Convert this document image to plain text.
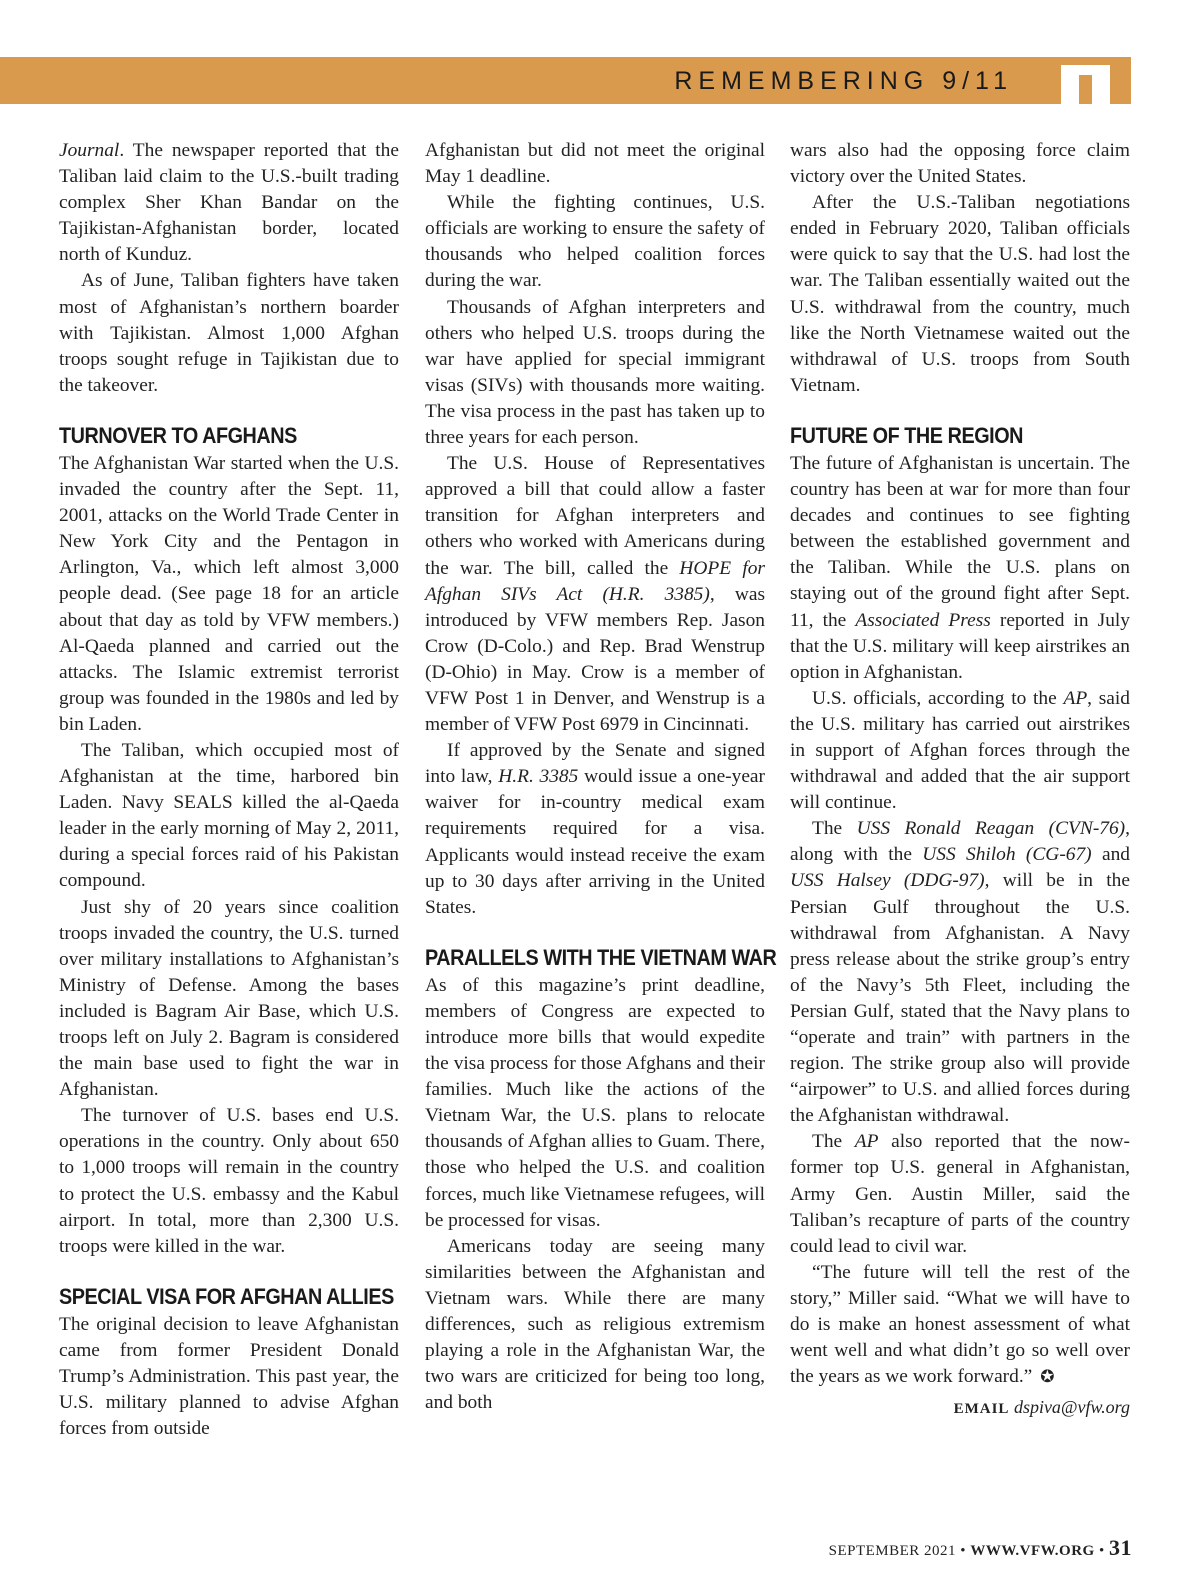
REMEMBERING 9/11

Journal. The newspaper reported that the Taliban laid claim to the U.S.-built trading complex Sher Khan Bandar on the Tajikistan-Afghanistan border, located north of Kunduz.

As of June, Taliban fighters have taken most of Afghanistan’s northern boarder with Tajikistan. Almost 1,000 Afghan troops sought refuge in Tajikistan due to the takeover.

TURNOVER TO AFGHANS

The Afghanistan War started when the U.S. invaded the country after the Sept. 11, 2001, attacks on the World Trade Center in New York City and the Pentagon in Arlington, Va., which left almost 3,000 people dead. (See page 18 for an article about that day as told by VFW members.) Al-Qaeda planned and carried out the attacks. The Islamic extremist terrorist group was founded in the 1980s and led by bin Laden.

The Taliban, which occupied most of Afghanistan at the time, harbored bin Laden. Navy SEALS killed the al-Qaeda leader in the early morning of May 2, 2011, during a special forces raid of his Pakistan compound.

Just shy of 20 years since coalition troops invaded the country, the U.S. turned over military installations to Afghanistan’s Ministry of Defense. Among the bases included is Bagram Air Base, which U.S. troops left on July 2. Bagram is considered the main base used to fight the war in Afghanistan.

The turnover of U.S. bases end U.S. operations in the country. Only about 650 to 1,000 troops will remain in the country to protect the U.S. embassy and the Kabul airport. In total, more than 2,300 U.S. troops were killed in the war.

SPECIAL VISA FOR AFGHAN ALLIES

The original decision to leave Afghanistan came from former President Donald Trump’s Administration. This past year, the U.S. military planned to advise Afghan forces from outside

Afghanistan but did not meet the original May 1 deadline.

While the fighting continues, U.S. officials are working to ensure the safety of thousands who helped coalition forces during the war.

Thousands of Afghan interpreters and others who helped U.S. troops during the war have applied for special immigrant visas (SIVs) with thousands more waiting. The visa process in the past has taken up to three years for each person.

The U.S. House of Representatives approved a bill that could allow a faster transition for Afghan interpreters and others who worked with Americans during the war. The bill, called the HOPE for Afghan SIVs Act (H.R. 3385), was introduced by VFW members Rep. Jason Crow (D-Colo.) and Rep. Brad Wenstrup (D-Ohio) in May. Crow is a member of VFW Post 1 in Denver, and Wenstrup is a member of VFW Post 6979 in Cincinnati.

If approved by the Senate and signed into law, H.R. 3385 would issue a one-year waiver for in-country medical exam requirements required for a visa. Applicants would instead receive the exam up to 30 days after arriving in the United States.

PARALLELS WITH THE VIETNAM WAR

As of this magazine’s print deadline, members of Congress are expected to introduce more bills that would expedite the visa process for those Afghans and their families. Much like the actions of the Vietnam War, the U.S. plans to relocate thousands of Afghan allies to Guam. There, those who helped the U.S. and coalition forces, much like Vietnamese refugees, will be processed for visas.

Americans today are seeing many similarities between the Afghanistan and Vietnam wars. While there are many differences, such as religious extremism playing a role in the Afghanistan War, the two wars are criticized for being too long, and both

wars also had the opposing force claim victory over the United States.

After the U.S.-Taliban negotiations ended in February 2020, Taliban officials were quick to say that the U.S. had lost the war. The Taliban essentially waited out the U.S. withdrawal from the country, much like the North Vietnamese waited out the withdrawal of U.S. troops from South Vietnam.

FUTURE OF THE REGION

The future of Afghanistan is uncertain. The country has been at war for more than four decades and continues to see fighting between the established government and the Taliban. While the U.S. plans on staying out of the ground fight after Sept. 11, the Associated Press reported in July that the U.S. military will keep airstrikes an option in Afghanistan.

U.S. officials, according to the AP, said the U.S. military has carried out airstrikes in support of Afghan forces through the withdrawal and added that the air support will continue.

The USS Ronald Reagan (CVN-76), along with the USS Shiloh (CG-67) and USS Halsey (DDG-97), will be in the Persian Gulf throughout the U.S. withdrawal from Afghanistan. A Navy press release about the strike group’s entry of the Navy’s 5th Fleet, including the Persian Gulf, stated that the Navy plans to “operate and train” with partners in the region. The strike group also will provide “airpower” to U.S. and allied forces during the Afghanistan withdrawal.

The AP also reported that the now-former top U.S. general in Afghanistan, Army Gen. Austin Miller, said the Taliban’s recapture of parts of the country could lead to civil war.

“The future will tell the rest of the story,” Miller said. “What we will have to do is make an honest assessment of what went well and what didn’t go so well over the years as we work forward.” ✪

EMAIL dspiva@vfw.org
SEPTEMBER 2021 • WWW.VFW.ORG • 31
